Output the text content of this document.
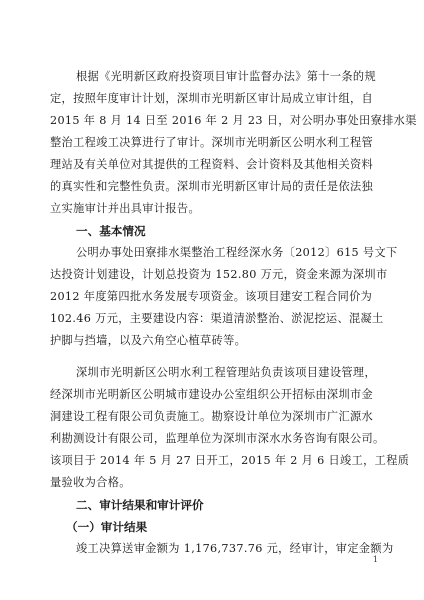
根据《光明新区政府投资项目审计监督办法》第十一条的规
定，按照年度审计计划，深圳市光明新区审计局成立审计组，自
2015 年 8 月 14 日至 2016 年 2 月 23 日，对公明办事处田寮排水渠
整治工程竣工决算进行了审计。深圳市光明新区公明水利工程管
理站及有关单位对其提供的工程资料、会计资料及其他相关资料
的真实性和完整性负责。深圳市光明新区审计局的责任是依法独
立实施审计并出具审计报告。
一、基本情况
公明办事处田寮排水渠整治工程经深水务〔2012〕615 号文下
达投资计划建设，计划总投资为 152.80 万元，资金来源为深圳市
2012 年度第四批水务发展专项资金。该项目建安工程合同价为
102.46 万元，主要建设内容：渠道清淤整治、淤泥挖运、混凝土
护脚与挡墙，以及六角空心植草砖等。
深圳市光明新区公明水利工程管理站负责该项目建设管理，
经深圳市光明新区公明城市建设办公室组织公开招标由深圳市金
洞建设工程有限公司负责施工。勘察设计单位为深圳市广汇源水
利勘测设计有限公司，监理单位为深圳市深水水务咨询有限公司。
该项目于 2014 年 5 月 27 日开工，2015 年 2 月 6 日竣工，工程质
量验收为合格。
二、审计结果和审计评价
（一）审计结果
竣工决算送审金额为 1,176,737.76 元，经审计，审定金额为
1
